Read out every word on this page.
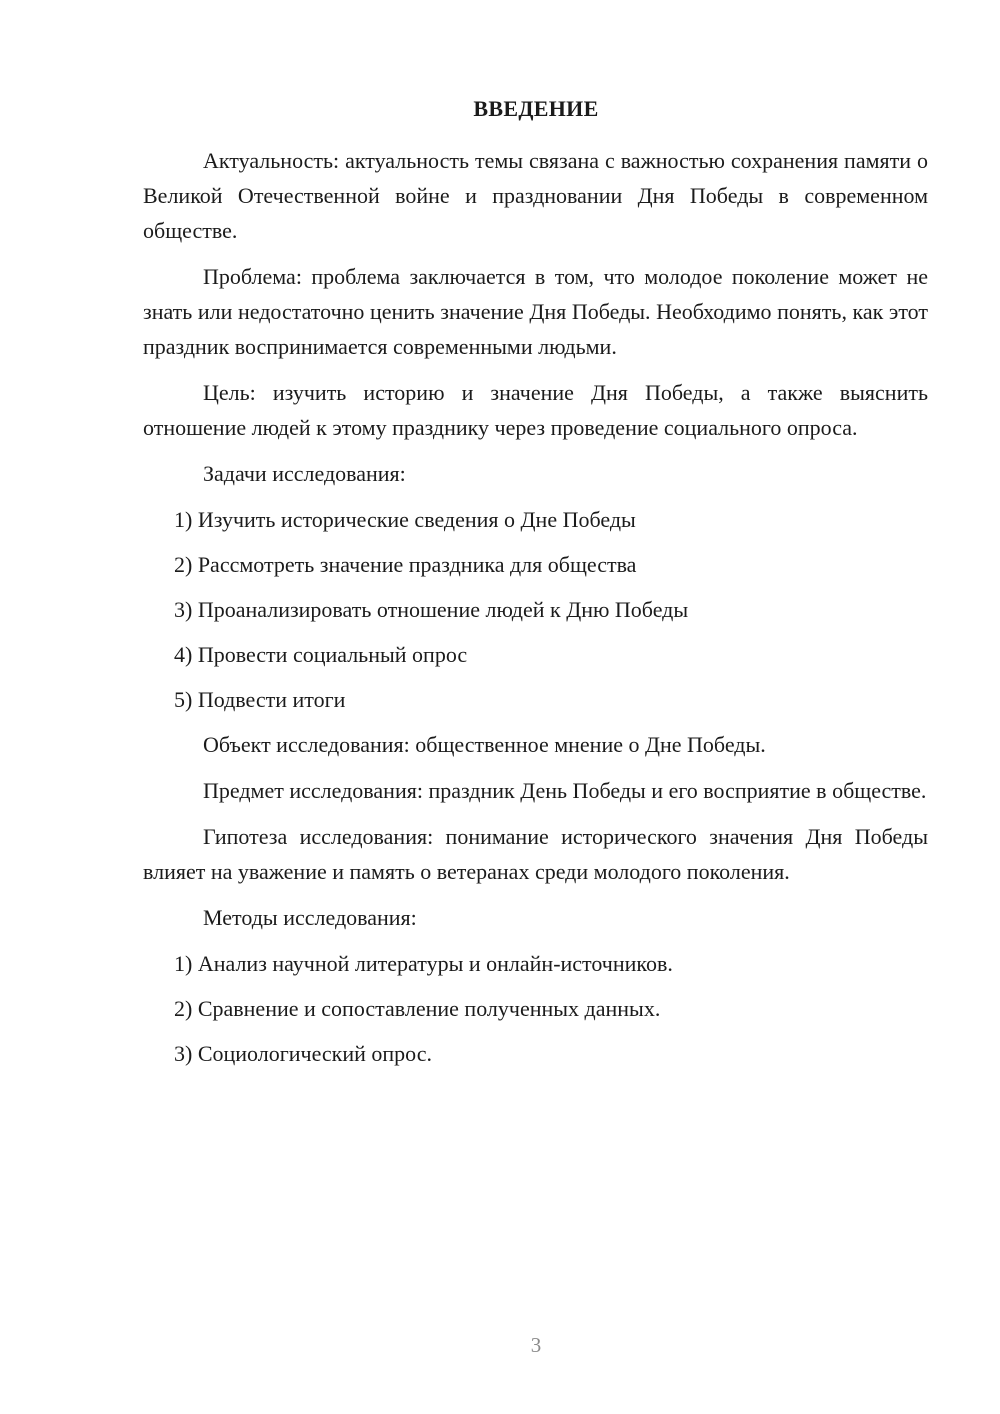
ВВЕДЕНИЕ

Актуальность: актуальность темы связана с важностью сохранения памяти о Великой Отечественной войне и праздновании Дня Победы в современном обществе.

Проблема: проблема заключается в том, что молодое поколение может не знать или недостаточно ценить значение Дня Победы. Необходимо понять, как этот праздник воспринимается современными людьми.

Цель: изучить историю и значение Дня Победы, а также выяснить отношение людей к этому празднику через проведение социального опроса.

Задачи исследования:

1) Изучить исторические сведения о Дне Победы
2) Рассмотреть значение праздника для общества
3) Проанализировать отношение людей к Дню Победы
4) Провести социальный опрос
5) Подвести итоги

Объект исследования: общественное мнение о Дне Победы.

Предмет исследования: праздник День Победы и его восприятие в обществе.

Гипотеза исследования: понимание исторического значения Дня Победы влияет на уважение и память о ветеранах среди молодого поколения.

Методы исследования:

1) Анализ научной литературы и онлайн-источников.
2) Сравнение и сопоставление полученных данных.
3) Социологический опрос.
3
